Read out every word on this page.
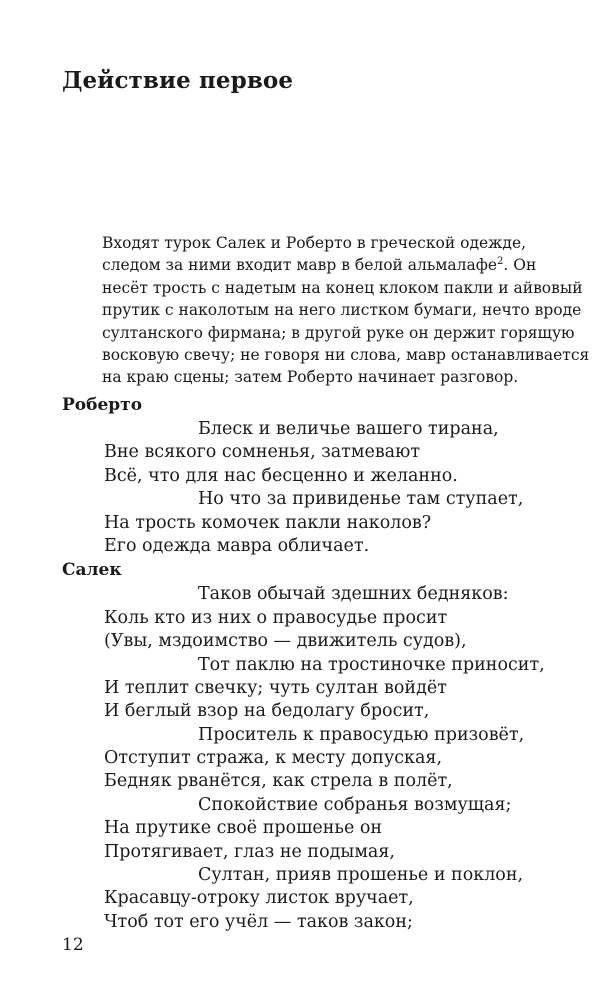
Действие первое
Входят турок Салек и Роберто в греческой одежде,
следом за ними входит мавр в белой альмалафе$^2$. Он
несёт трость с надетым на конец клоком пакли и айвовый
прутик с наколотым на него листком бумаги, нечто вроде
султанского фирмана; в другой руке он держит горящую
восковую свечу; не говоря ни слова, мавр останавливается
на краю сцены; затем Роберто начинает разговор.
Роберто
Блеск и величье вашего тирана,
Вне всякого сомненья, затмевают
Всё, что для нас бесценно и желанно.
Но что за привиденье там ступает,
На трость комочек пакли наколов?
Его одежда мавра обличает.
Салек
Таков обычай здешних бедняков:
Коль кто из них о правосудье просит
(Увы, мздоимство — движитель судов),
Тот паклю на тростиночке приносит,
И теплит свечку; чуть султан войдёт
И беглый взор на бедолагу бросит,
Проситель к правосудью призовёт,
Отступит стража, к месту допуская,
Бедняк рванётся, как стрела в полёт,
Спокойствие собранья возмущая;
На прутике своё прошенье он
Протягивает, глаз не подымая,
Султан, прияв прошенье и поклон,
Красавцу-отроку листок вручает,
Чтоб тот его учёл — таков закон;
12
